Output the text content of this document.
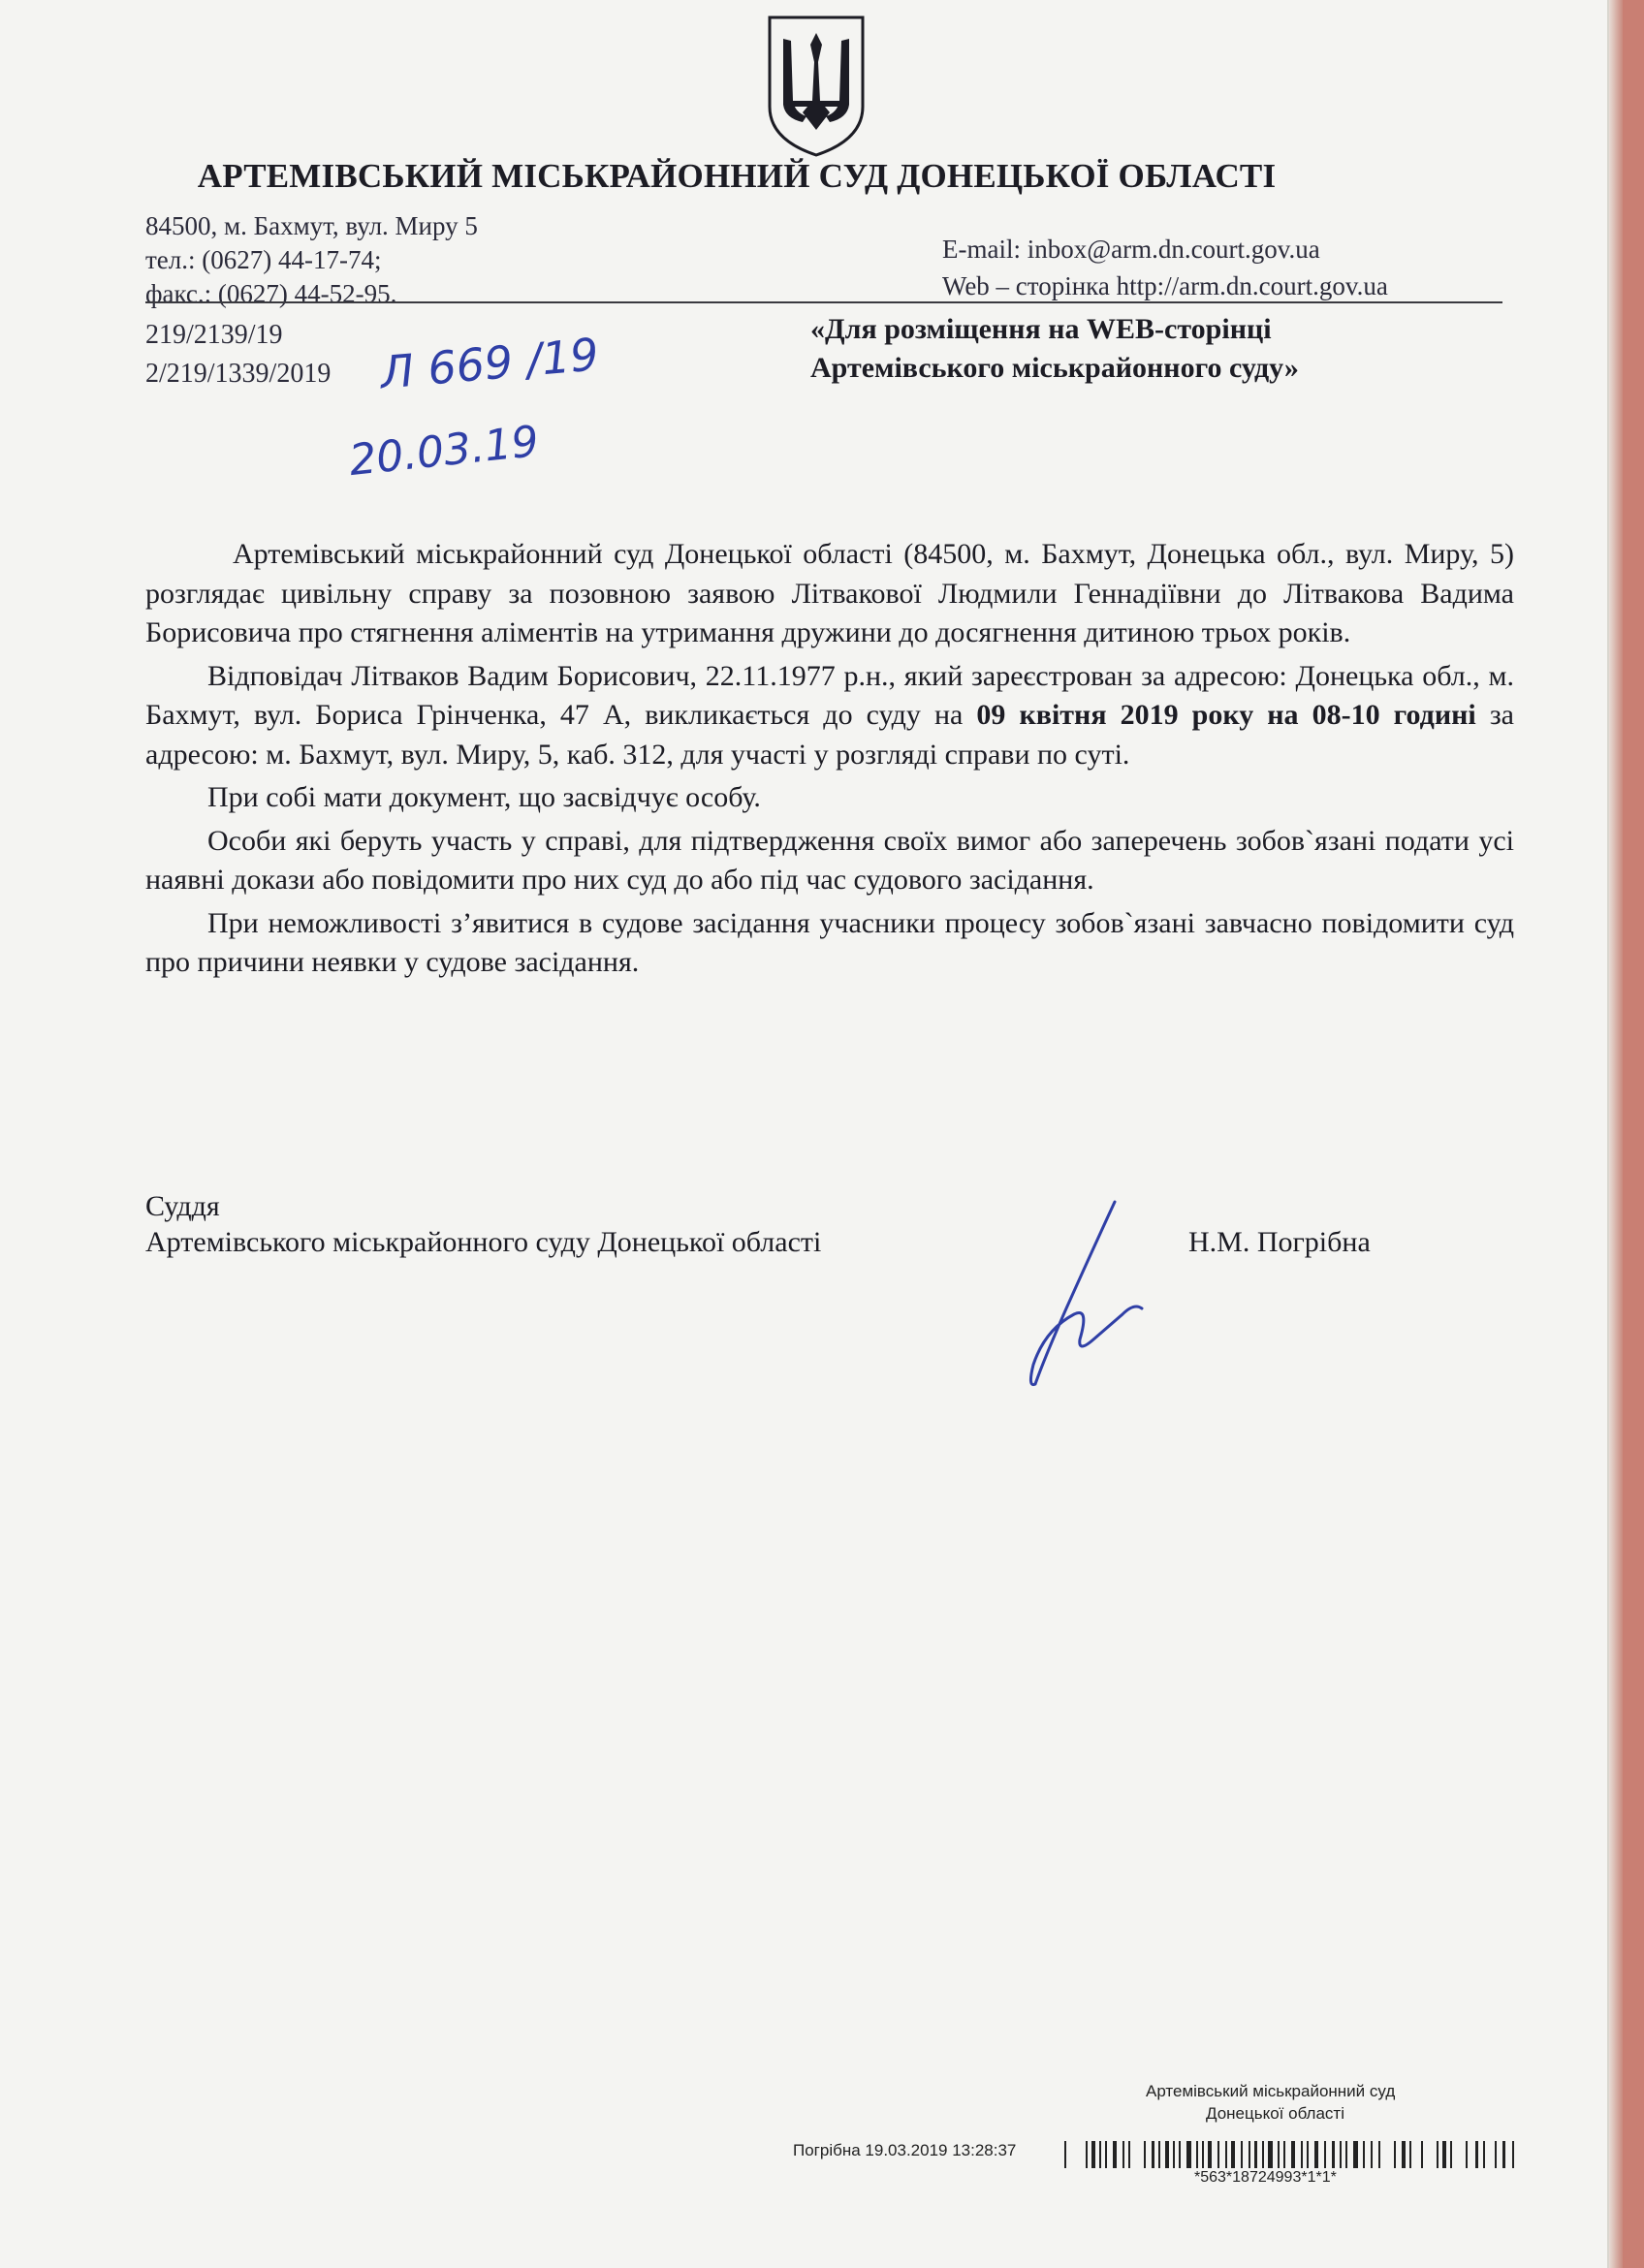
АРТЕМІВСЬКИЙ МІСЬКРАЙОННИЙ СУД ДОНЕЦЬКОЇ ОБЛАСТІ
84500, м. Бахмут, вул. Миру 5
тел.: (0627) 44-17-74;
факс.: (0627) 44-52-95.
E-mail: inbox@arm.dn.court.gov.ua
Web – сторінка http://arm.dn.court.gov.ua
219/2139/19
2/219/1339/2019 Л 669 /19
20.03.19
«Для розміщення на WEB-сторінці
Артемівського міськрайонного суду»

Артемівський міськрайонний суд Донецької області (84500, м. Бахмут, Донецька обл., вул. Миру, 5) розглядає цивільну справу за позовною заявою Літвакової Людмили Геннадіївни до Літвакова Вадима Борисовича про стягнення аліментів на утримання дружини до досягнення дитиною трьох років.

Відповідач Літваков Вадим Борисович, 22.11.1977 р.н., який зареєстрован за адресою: Донецька обл., м. Бахмут, вул. Бориса Грінченка, 47 А, викликається до суду на 09 квітня 2019 року на 08-10 годині за адресою: м. Бахмут, вул. Миру, 5, каб. 312, для участі у розгляді справи по суті.

При собі мати документ, що засвідчує особу.

Особи які беруть участь у справі, для підтвердження своїх вимог або заперечень зобов`язані подати усі наявні докази або повідомити про них суд до або під час судового засідання.

При неможливості з’явитися в судове засідання учасники процесу зобов`язані завчасно повідомити суд про причини неявки у судове засідання.

Суддя
Артемівського міськрайонного суду Донецької області	Н.М. Погрібна
Артемівський міськрайонний суд
Донецької області
Погрібна 19.03.2019 13:28:37
*563*18724993*1*1*
